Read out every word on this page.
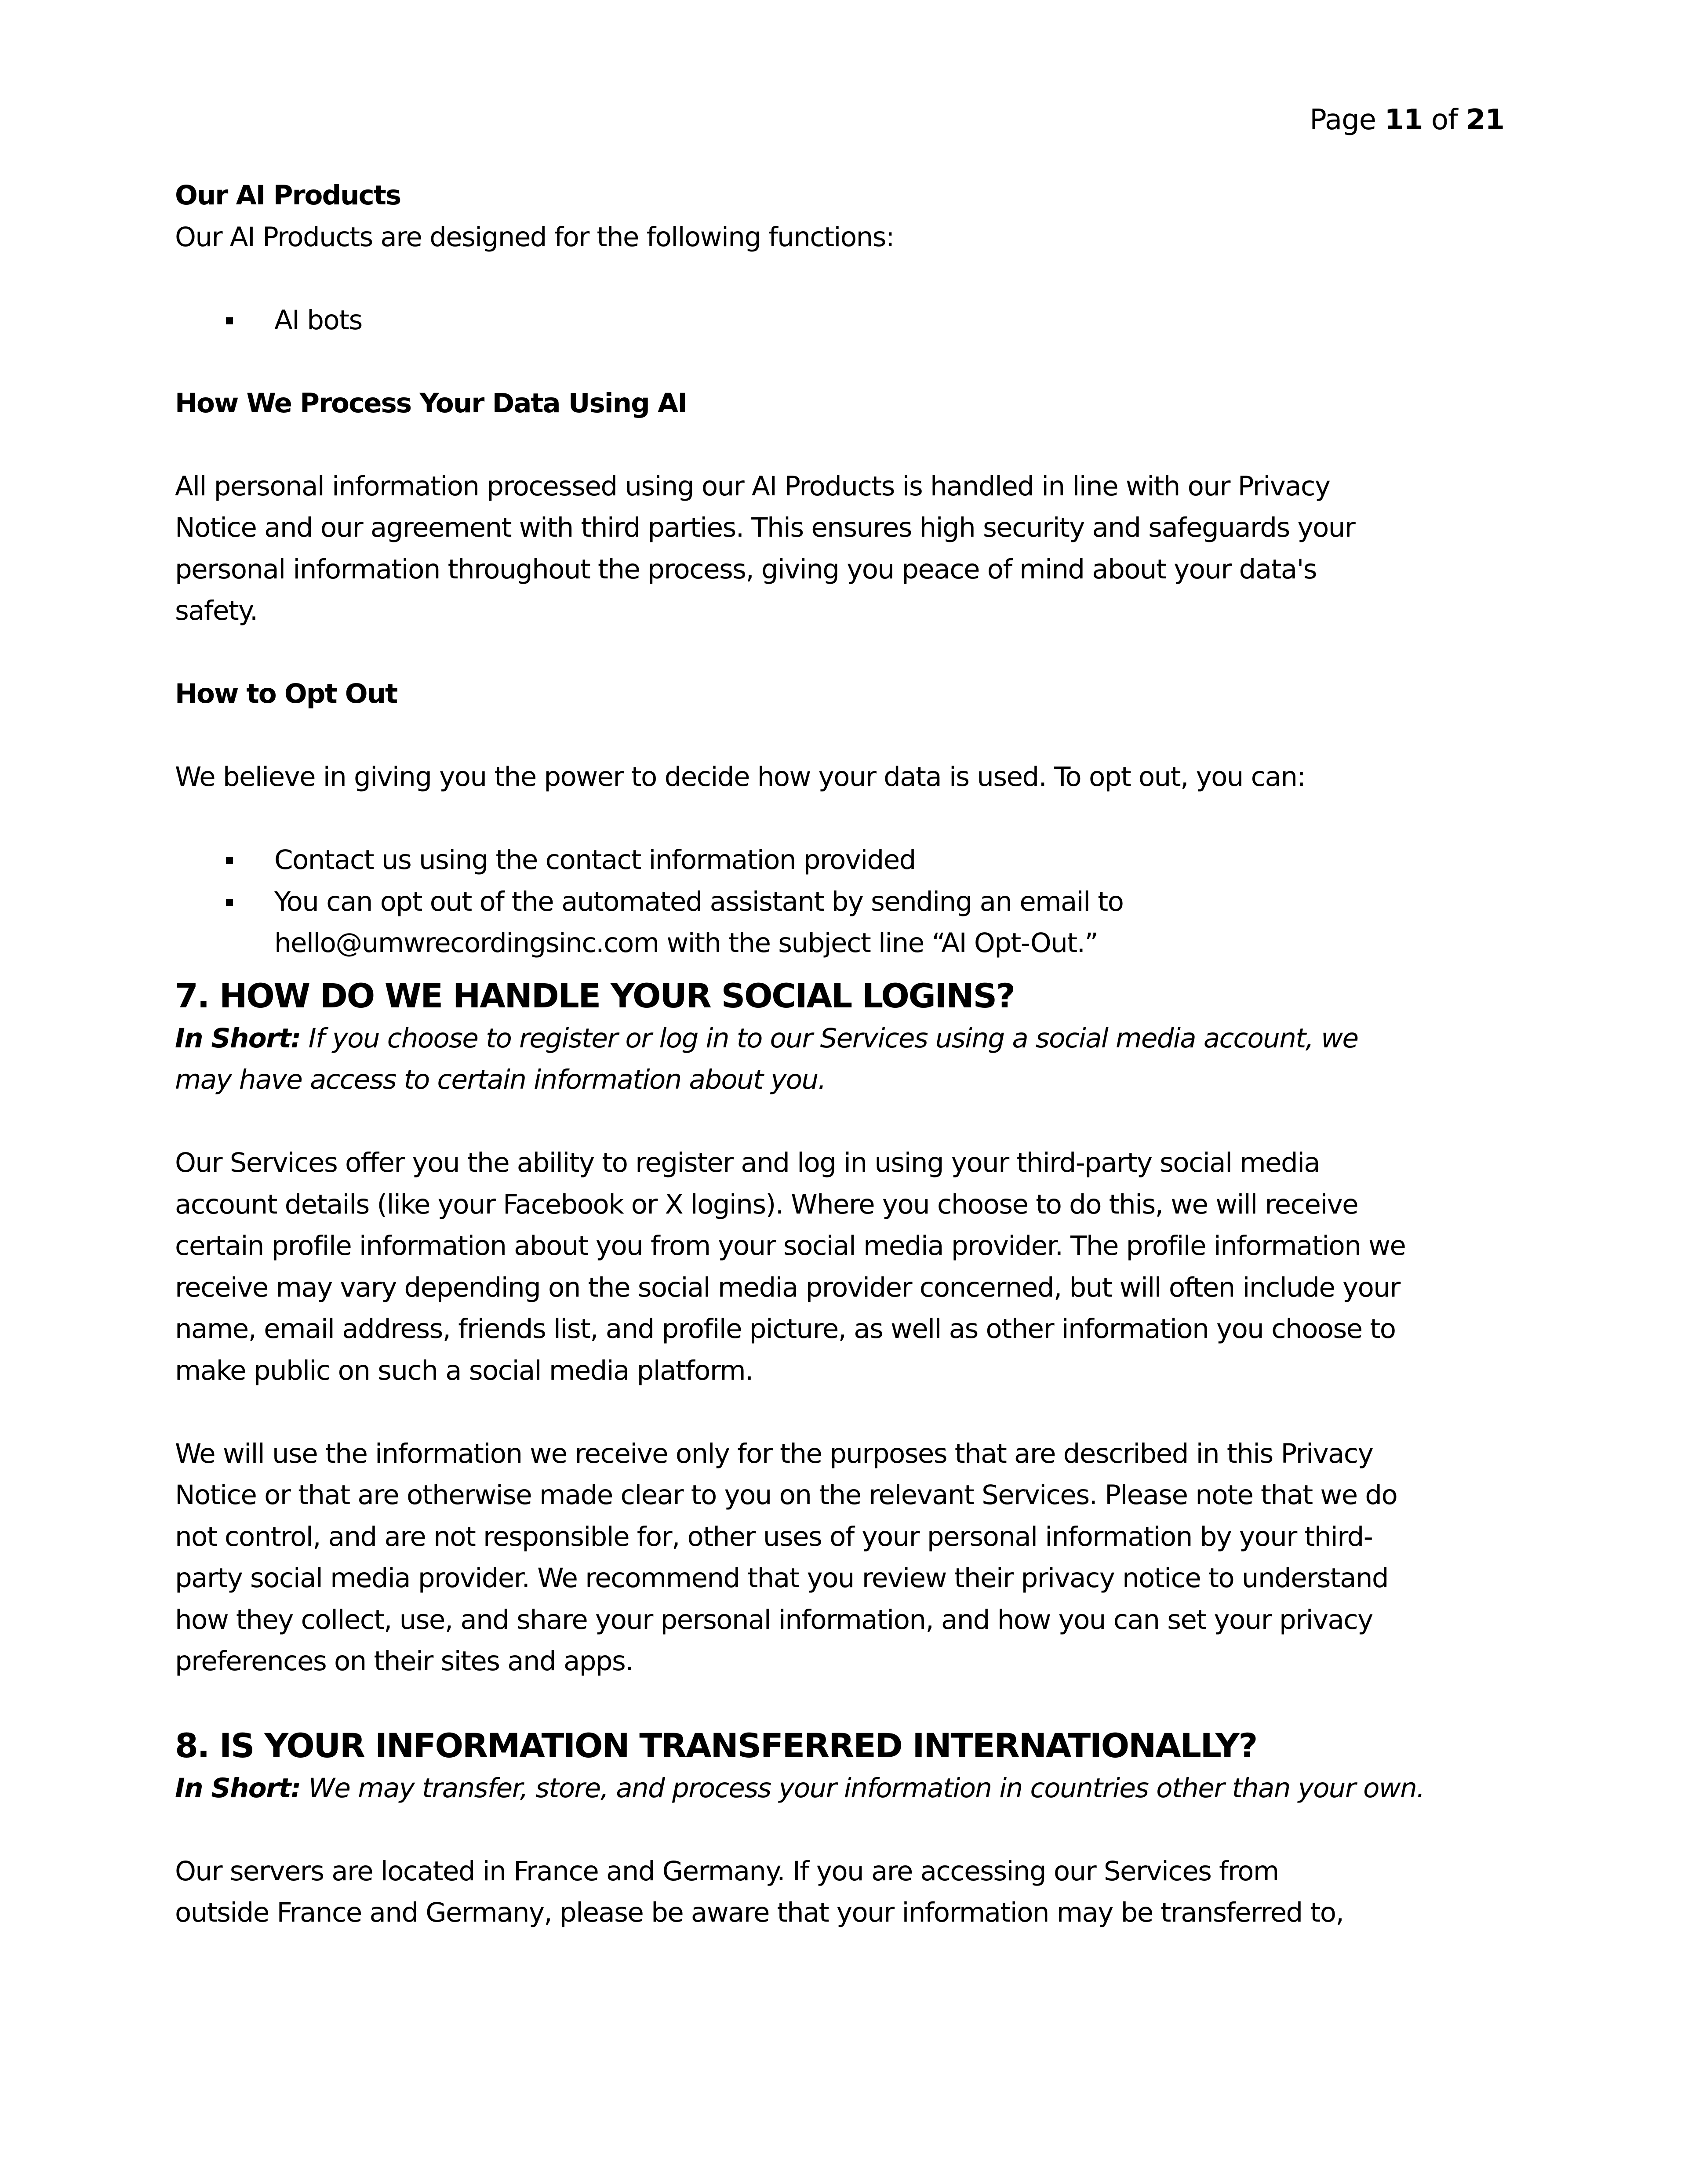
Page 11 of 21

Our AI Products

Our AI Products are designed for the following functions:

AI bots

How We Process Your Data Using AI

All personal information processed using our AI Products is handled in line with our Privacy

Notice and our agreement with third parties. This ensures high security and safeguards your

personal information throughout the process, giving you peace of mind about your data's

safety.

How to Opt Out

We believe in giving you the power to decide how your data is used. To opt out, you can:

Contact us using the contact information provided
You can opt out of the automated assistant by sending an email to
hello@umwrecordingsinc.com with the subject line “AI Opt-Out.”
7. HOW DO WE HANDLE YOUR SOCIAL LOGINS?

In Short: If you choose to register or log in to our Services using a social media account, we

may have access to certain information about you.

Our Services offer you the ability to register and log in using your third-party social media

account details (like your Facebook or X logins). Where you choose to do this, we will receive

certain profile information about you from your social media provider. The profile information we

receive may vary depending on the social media provider concerned, but will often include your

name, email address, friends list, and profile picture, as well as other information you choose to

make public on such a social media platform.

We will use the information we receive only for the purposes that are described in this Privacy

Notice or that are otherwise made clear to you on the relevant Services. Please note that we do

not control, and are not responsible for, other uses of your personal information by your third-

party social media provider. We recommend that you review their privacy notice to understand

how they collect, use, and share your personal information, and how you can set your privacy

preferences on their sites and apps.

8. IS YOUR INFORMATION TRANSFERRED INTERNATIONALLY?

In Short: We may transfer, store, and process your information in countries other than your own.

Our servers are located in France and Germany. If you are accessing our Services from

outside France and Germany, please be aware that your information may be transferred to,
